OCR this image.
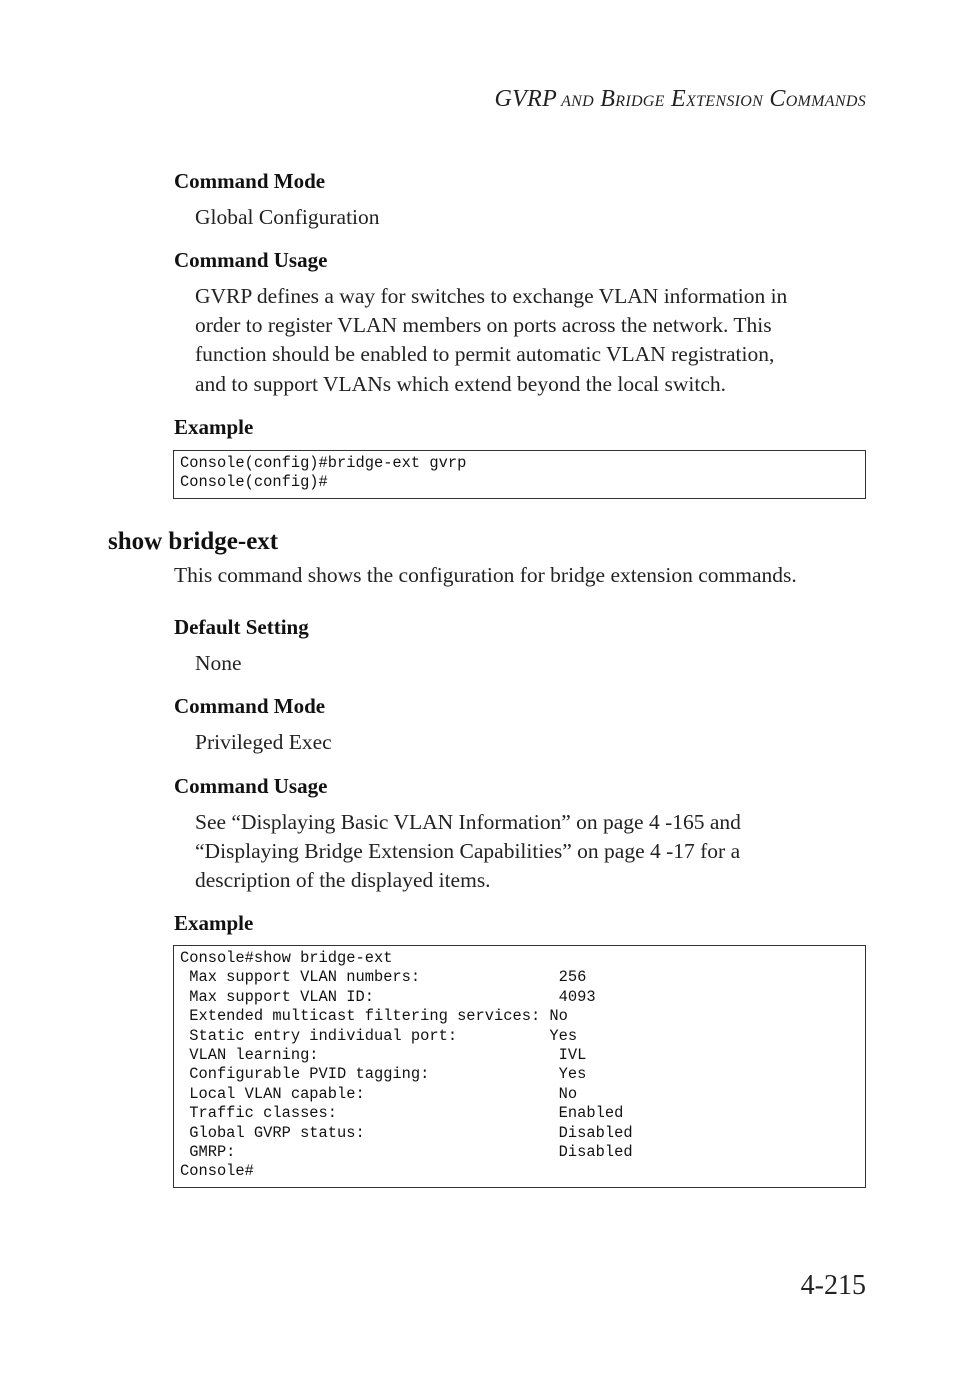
GVRP AND BRIDGE EXTENSION COMMANDS
Command Mode
Global Configuration
Command Usage
GVRP defines a way for switches to exchange VLAN information in
order to register VLAN members on ports across the network. This
function should be enabled to permit automatic VLAN registration,
and to support VLANs which extend beyond the local switch.
Example
Console(config)#bridge-ext gvrp
Console(config)#
show bridge-ext
This command shows the configuration for bridge extension commands.
Default Setting
None
Command Mode
Privileged Exec
Command Usage
See “Displaying Basic VLAN Information” on page 4 -165 and
“Displaying Bridge Extension Capabilities” on page 4 -17 for a
description of the displayed items.
Example
Console#show bridge-ext
Max support VLAN numbers:               256
Max support VLAN ID:                    4093
Extended multicast filtering services: No
Static entry individual port:          Yes
VLAN learning:                          IVL
Configurable PVID tagging:              Yes
Local VLAN capable:                     No
Traffic classes:                        Enabled
Global GVRP status:                     Disabled
GMRP:                                   Disabled
Console#
4-215
